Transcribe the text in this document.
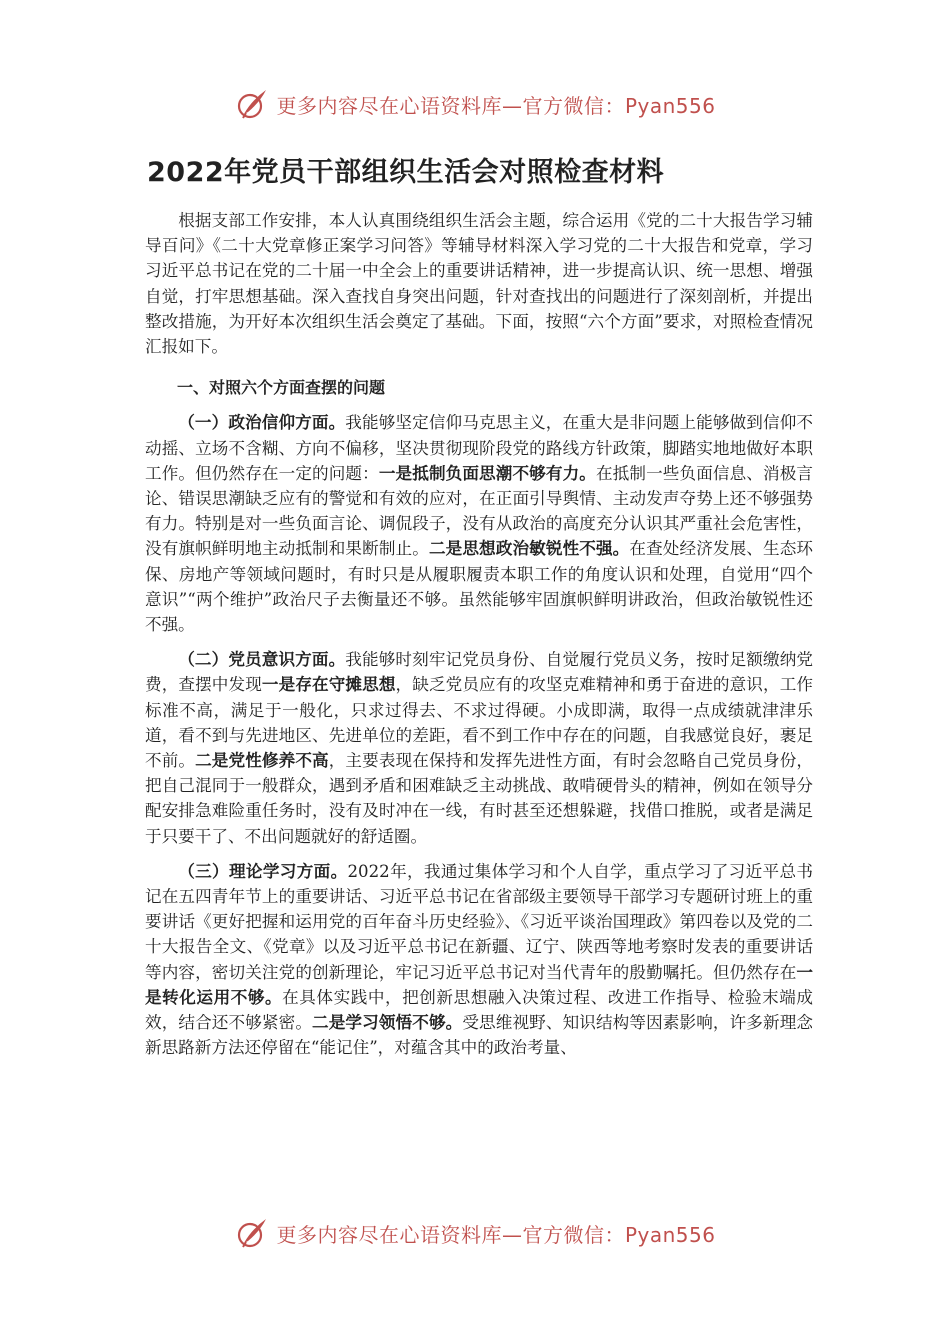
更多内容尽在心语资料库—官方微信：Pyan556
2022年党员干部组织生活会对照检查材料

根据支部工作安排，本人认真围绕组织生活会主题，综合运用《党的二十大报告学习辅导百问》《二十大党章修正案学习问答》等辅导材料深入学习党的二十大报告和党章，学习习近平总书记在党的二十届一中全会上的重要讲话精神，进一步提高认识、统一思想、增强自觉，打牢思想基础。深入查找自身突出问题，针对查找出的问题进行了深刻剖析，并提出整改措施，为开好本次组织生活会奠定了基础。下面，按照“六个方面”要求，对照检查情况汇报如下。

一、对照六个方面查摆的问题

（一）政治信仰方面。我能够坚定信仰马克思主义，在重大是非问题上能够做到信仰不动摇、立场不含糊、方向不偏移，坚决贯彻现阶段党的路线方针政策，脚踏实地地做好本职工作。但仍然存在一定的问题：一是抵制负面思潮不够有力。在抵制一些负面信息、消极言论、错误思潮缺乏应有的警觉和有效的应对，在正面引导舆情、主动发声夺势上还不够强势有力。特别是对一些负面言论、调侃段子，没有从政治的高度充分认识其严重社会危害性，没有旗帜鲜明地主动抵制和果断制止。二是思想政治敏锐性不强。在查处经济发展、生态环保、房地产等领域问题时，有时只是从履职履责本职工作的角度认识和处理，自觉用“四个意识”“两个维护”政治尺子去衡量还不够。虽然能够牢固旗帜鲜明讲政治，但政治敏锐性还不强。

（二）党员意识方面。我能够时刻牢记党员身份、自觉履行党员义务，按时足额缴纳党费，查摆中发现一是存在守摊思想，缺乏党员应有的攻坚克难精神和勇于奋进的意识，工作标准不高，满足于一般化，只求过得去、不求过得硬。小成即满，取得一点成绩就津津乐道，看不到与先进地区、先进单位的差距，看不到工作中存在的问题，自我感觉良好，裹足不前。二是党性修养不高，主要表现在保持和发挥先进性方面，有时会忽略自己党员身份，把自己混同于一般群众，遇到矛盾和困难缺乏主动挑战、敢啃硬骨头的精神，例如在领导分配安排急难险重任务时，没有及时冲在一线，有时甚至还想躲避，找借口推脱，或者是满足于只要干了、不出问题就好的舒适圈。

（三）理论学习方面。2022年，我通过集体学习和个人自学，重点学习了习近平总书记在五四青年节上的重要讲话、习近平总书记在省部级主要领导干部学习专题研讨班上的重要讲话《更好把握和运用党的百年奋斗历史经验》、《习近平谈治国理政》第四卷以及党的二十大报告全文、《党章》以及习近平总书记在新疆、辽宁、陕西等地考察时发表的重要讲话等内容，密切关注党的创新理论，牢记习近平总书记对当代青年的殷勤嘱托。但仍然存在一是转化运用不够。在具体实践中，把创新思想融入决策过程、改进工作指导、检验末端成效，结合还不够紧密。二是学习领悟不够。受思维视野、知识结构等因素影响，许多新理念新思路新方法还停留在“能记住”，对蕴含其中的政治考量、

更多内容尽在心语资料库—官方微信：Pyan556
